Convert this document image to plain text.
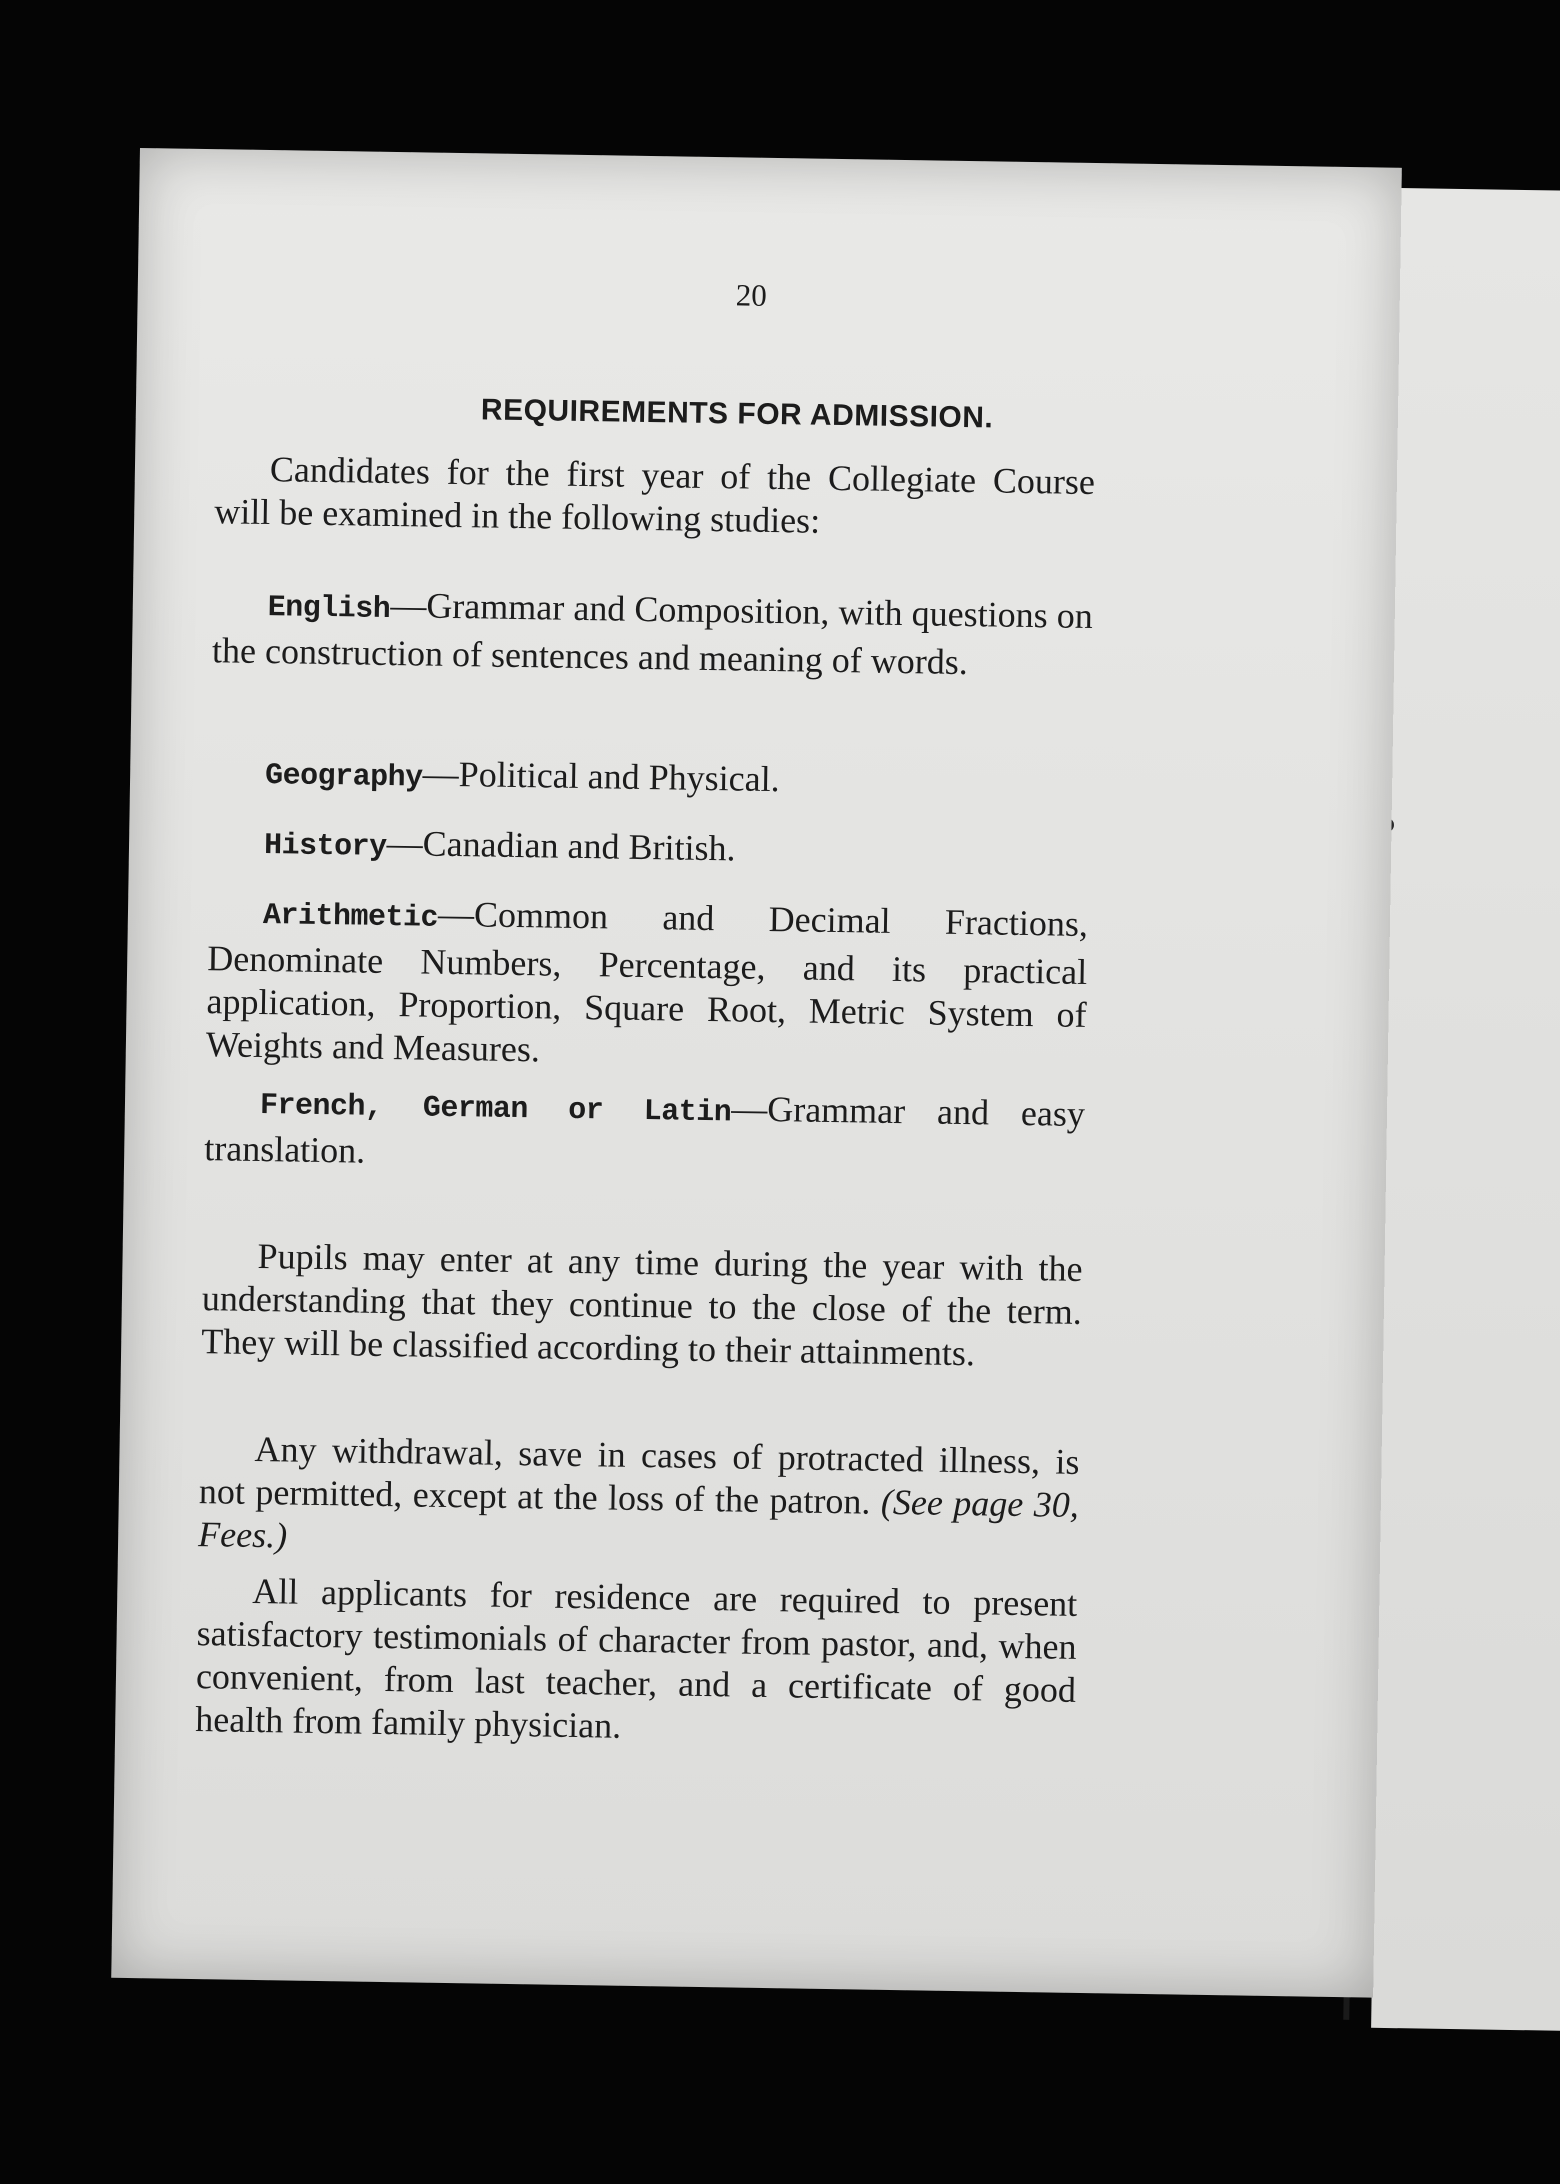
20
REQUIREMENTS FOR ADMISSION.

Candidates for the first year of the Collegiate Course will be examined in the following studies:

English—Grammar and Composition, with questions on the construction of sentences and meaning of words.

Geography—Political and Physical.

History—Canadian and British.

Arithmetic—Common and Decimal Fractions, Denominate Numbers, Percentage, and its practical application, Proportion, Square Root, Metric System of Weights and Measures.

French, German or Latin—Grammar and easy translation.

Pupils may enter at any time during the year with the understanding that they continue to the close of the term. They will be classified according to their attainments.

Any withdrawal, save in cases of protracted illness, is not permitted, except at the loss of the patron. (See page 30, Fees.)

All applicants for residence are required to present satisfactory testimonials of character from pastor, and, when convenient, from last teacher, and a certificate of good health from family physician.
